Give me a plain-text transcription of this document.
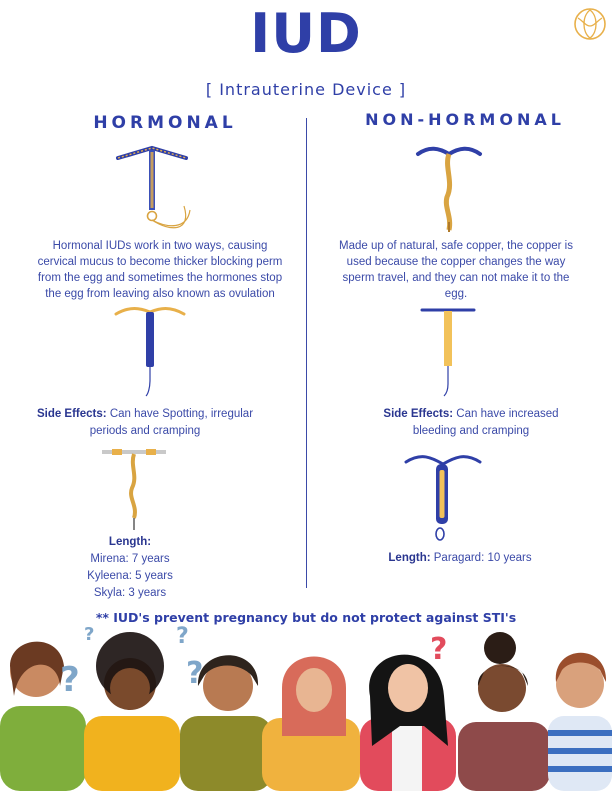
IUD
[ Intrauterine Device ]
HORMONAL
Hormonal IUDs work in two ways, causing
cervical mucus to become thicker blocking perm
from the egg and sometimes the hormones stop
the egg from leaving also known as ovulation
Side Effects: Can have Spotting, irregular
periods and cramping
Length:
Mirena: 7 years
Kyleena: 5 years
Skyla: 3 years
NON-HORMONAL
Made up of natural, safe copper, the copper is
used because the copper changes the way
sperm travel, and they can not make it to the
egg.
Side Effects: Can have increased
bleeding and cramping
Length: Paragard: 10 years
** IUD's prevent pregnancy but do not protect against STI's
?
?	?
?
?
